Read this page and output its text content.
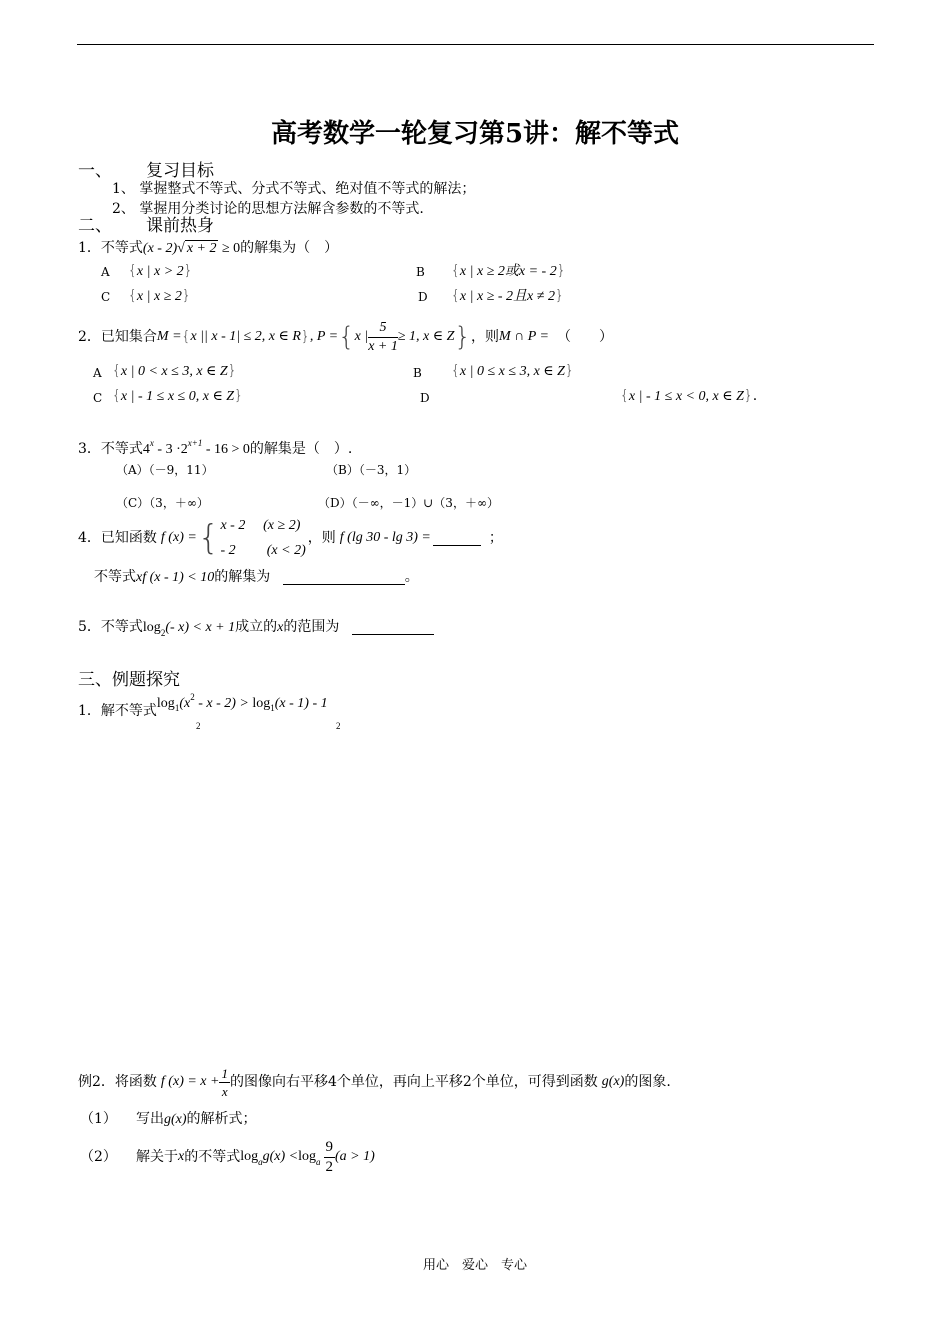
高考数学一轮复习第5讲：解不等式
一、 复习目标
1、 掌握整式不等式、分式不等式、绝对值不等式的解法；
2、 掌握用分类讨论的思想方法解含参数的不等式.
二、 课前热身
1．不等式(x - 2)√ x + 2 ≥ 0的解集为（　）
A {x | x > 2}	B {x | x ≥ 2或x = - 2}
C {x | x ≥ 2}	D {x | x ≥ - 2且x ≠ 2}
2．已知集合 M = { x || x - 1| ≤ 2, x ∈ R } , P = { x | $\frac{5}{x + 1} \ge 1$, x ∈ Z } ，则 M ∩ P = （　　）
A {x | 0 < x ≤ 3, x ∈ Z}	B {x | 0 ≤ x ≤ 3, x ∈ Z}
C {x | - 1 ≤ x ≤ 0, x ∈ Z}	D	{x | - 1 ≤ x < 0, x ∈ Z}.
3．不等式$4^x - 3 \cdot 2^{x+1} - 16 > 0$的解集是（　）.
（A）（－9，11）	（B）（－3，1）
（C）（3，＋∞）	（D）（－∞，－1）∪（3，＋∞）
4．已知函数 f (x) = { x - 2 (x ≥ 2)
- 2 (x < 2)
，则 f (lg 30 - lg 3) =	；
不等式xf (x - 1) < 10的解集为	。
5．不等式$\log_2(-$ x) < x + 1成立的x的范围为
三、例题探究
1．解不等式$\log_1(x^2 - x - 2) > \log_1(x - 1) - 1$
2	2
例2．将函数 f $(x) = x + \frac{1}{x}$ 的图像向右平移4个单位，再向上平移2个单位，可得到函数 g(x) 的图象.
（1） 写出g(x)的解析式；
（2） 解关于 x 的不等式 log a g(x) < log a $\frac{9}{2} (a > 1)$
用心　爱心　专心
